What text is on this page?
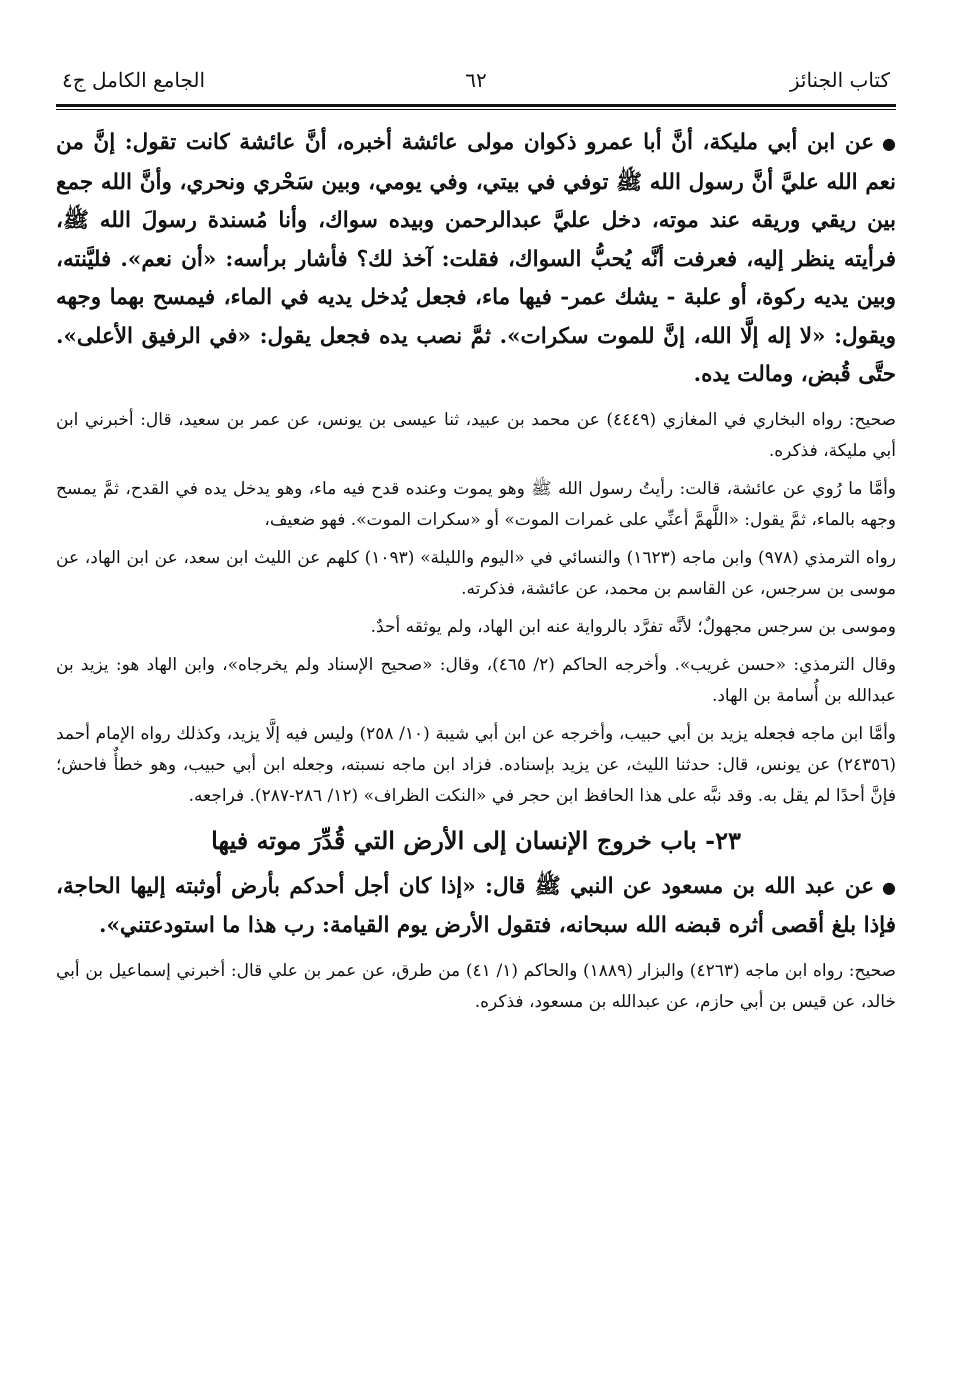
كتاب الجنائز
٦٢
الجامع الكامل ج٤

●عن ابن أبي مليكة، أنَّ أبا عمرو ذكوان مولى عائشة أخبره، أنَّ عائشة كانت تقول: إنَّ من نعم الله عليَّ أنَّ رسول الله ﷺ توفي في بيتي، وفي يومي، وبين سَحْري ونحري، وأنَّ الله جمع بين ريقي وريقه عند موته، دخل عليَّ عبدالرحمن وبيده سواك، وأنا مُسندة رسولَ الله ﷺ، فرأيته ينظر إليه، فعرفت أنَّه يُحبُّ السواك، فقلت: آخذ لك؟ فأشار برأسه: «أن نعم». فليَّنته، وبين يديه ركوة، أو علبة - يشك عمر- فيها ماء، فجعل يُدخل يديه في الماء، فيمسح بهما وجهه ويقول: «لا إله إلَّا الله، إنَّ للموت سكرات». ثمَّ نصب يده فجعل يقول: «في الرفيق الأعلى». حتَّى قُبض، ومالت يده.

صحيح: رواه البخاري في المغازي (٤٤٤٩) عن محمد بن عبيد، ثنا عيسى بن يونس، عن عمر بن سعيد، قال: أخبرني ابن أبي مليكة، فذكره.

وأمَّا ما رُوي عن عائشة، قالت: رأيتُ رسول الله ﷺ وهو يموت وعنده قدح فيه ماء، وهو يدخل يده في القدح، ثمَّ يمسح وجهه بالماء، ثمَّ يقول: «اللَّهمَّ أعنِّي على غمرات الموت» أو «سكرات الموت». فهو ضعيف،

رواه الترمذي (٩٧٨) وابن ماجه (١٦٢٣) والنسائي في «اليوم والليلة» (١٠٩٣) كلهم عن الليث ابن سعد، عن ابن الهاد، عن موسى بن سرجس، عن القاسم بن محمد، عن عائشة، فذكرته.

وموسى بن سرجس مجهولٌ؛ لأنَّه تفرَّد بالرواية عنه ابن الهاد، ولم يوثقه أحدٌ.

وقال الترمذي: «حسن غريب». وأخرجه الحاكم (٢/ ٤٦٥)، وقال: «صحيح الإسناد ولم يخرجاه»، وابن الهاد هو: يزيد بن عبدالله بن أُسامة بن الهاد.

وأمَّا ابن ماجه فجعله يزيد بن أبي حبيب، وأخرجه عن ابن أبي شيبة (١٠/ ٢٥٨) وليس فيه إلَّا يزيد، وكذلك رواه الإمام أحمد (٢٤٣٥٦) عن يونس، قال: حدثنا الليث، عن يزيد بإسناده. فزاد ابن ماجه نسبته، وجعله ابن أبي حبيب، وهو خطأٌ فاحش؛ فإنَّ أحدًا لم يقل به. وقد نبَّه على هذا الحافظ ابن حجر في «النكت الظراف» (١٢/ ٢٨٦-٢٨٧). فراجعه.

٢٣- باب خروج الإنسان إلى الأرض التي قُدِّرَ موته فيها

●عن عبد الله بن مسعود عن النبي ﷺ قال: «إذا كان أجل أحدكم بأرض أوثبته إليها الحاجة، فإذا بلغ أقصى أثره قبضه الله سبحانه، فتقول الأرض يوم القيامة: رب هذا ما استودعتني».

صحيح: رواه ابن ماجه (٤٢٦٣) والبزار (١٨٨٩) والحاكم (١/ ٤١) من طرق، عن عمر بن علي قال: أخبرني إسماعيل بن أبي خالد، عن قيس بن أبي حازم، عن عبدالله بن مسعود، فذكره.
